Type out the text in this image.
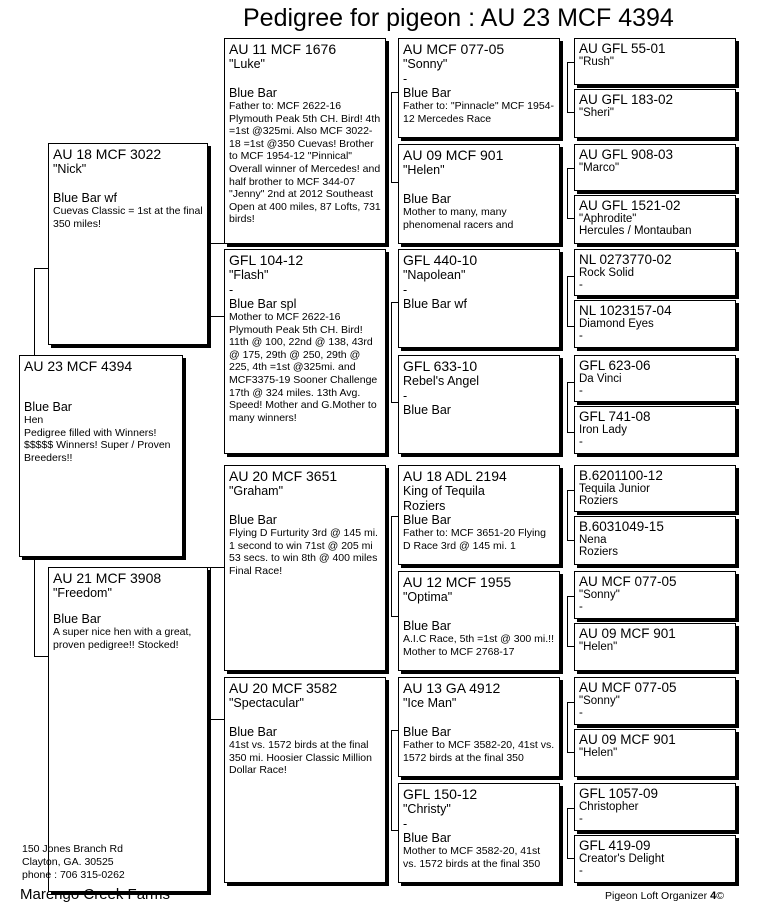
Pedigree for pigeon : AU 23 MCF 4394
AU 23 MCF 4394
Blue Bar
Hen
Pedigree filled with Winners! $$$$$ Winners! Super / Proven Breeders!!
AU 18 MCF 3022
"Nick"
Blue Bar wf
Cuevas Classic = 1st at the final 350 miles!
AU 21 MCF 3908
"Freedom"
Blue Bar
A super nice hen with a great, proven pedigree!! Stocked!
AU 11 MCF 1676
"Luke"
Blue Bar
Father to: MCF 2622-16 Plymouth Peak 5th CH. Bird! 4th =1st @325mi. Also MCF 3022-18 =1st @350 Cuevas! Brother to MCF 1954-12 "Pinnical" Overall winner of Mercedes! and half brother to MCF 344-07 "Jenny" 2nd at 2012 Southeast Open at 400 miles, 87 Lofts, 731 birds!
GFL 104-12
"Flash"
-
Blue Bar spl
Mother to MCF 2622-16 Plymouth Peak 5th CH. Bird! 11th @ 100, 22nd @ 138, 43rd @ 175, 29th @ 250, 29th @ 225, 4th =1st @325mi. and MCF3375-19 Sooner Challenge 17th @ 324 miles. 13th Avg. Speed! Mother and G.Mother to many winners!
AU 20 MCF 3651
"Graham"
Blue Bar
Flying D Furturity 3rd @ 145 mi. 1 second to win 71st @ 205 mi 53 secs. to win 8th @ 400 miles Final Race!
AU 20 MCF 3582
"Spectacular"
Blue Bar
41st vs. 1572 birds at the final 350 mi. Hoosier Classic Million Dollar Race!
AU MCF 077-05
"Sonny"
-
Blue Bar
Father to: "Pinnacle" MCF 1954-12 Mercedes Race
AU 09 MCF 901
"Helen"
Blue Bar
Mother to many, many phenomenal racers and
GFL 440-10
"Napolean"
-
Blue Bar wf
GFL 633-10
Rebel's Angel
-
Blue Bar
AU 18 ADL 2194
King of Tequila
Roziers
Blue Bar
Father to: MCF 3651-20 Flying D Race 3rd @ 145 mi. 1
AU 12 MCF 1955
"Optima"
Blue Bar
A.I.C Race, 5th =1st @ 300 mi.!! Mother to MCF 2768-17
AU 13 GA 4912
"Ice Man"
Blue Bar
Father to MCF 3582-20, 41st vs. 1572 birds at the final 350
GFL 150-12
"Christy"
-
Blue Bar
Mother to MCF 3582-20, 41st vs. 1572 birds at the final 350
AU GFL 55-01
"Rush"
AU GFL 183-02
"Sheri"
AU GFL 908-03
"Marco"
AU GFL 1521-02
"Aphrodite"
Hercules / Montauban
NL 0273770-02
Rock Solid
-
NL 1023157-04
Diamond Eyes
-
GFL 623-06
Da Vinci
-
GFL 741-08
Iron Lady
-
B.6201100-12
Tequila Junior
Roziers
B.6031049-15
Nena
Roziers
AU MCF 077-05
"Sonny"
-
AU 09 MCF 901
"Helen"
AU MCF 077-05
"Sonny"
-
AU 09 MCF 901
"Helen"
GFL 1057-09
Christopher
-
GFL 419-09
Creator's Delight
-
150 Jones Branch Rd
Clayton, GA. 30525
phone : 706 315-0262
Marengo Creek Farms	Pigeon Loft Organizer 4©
